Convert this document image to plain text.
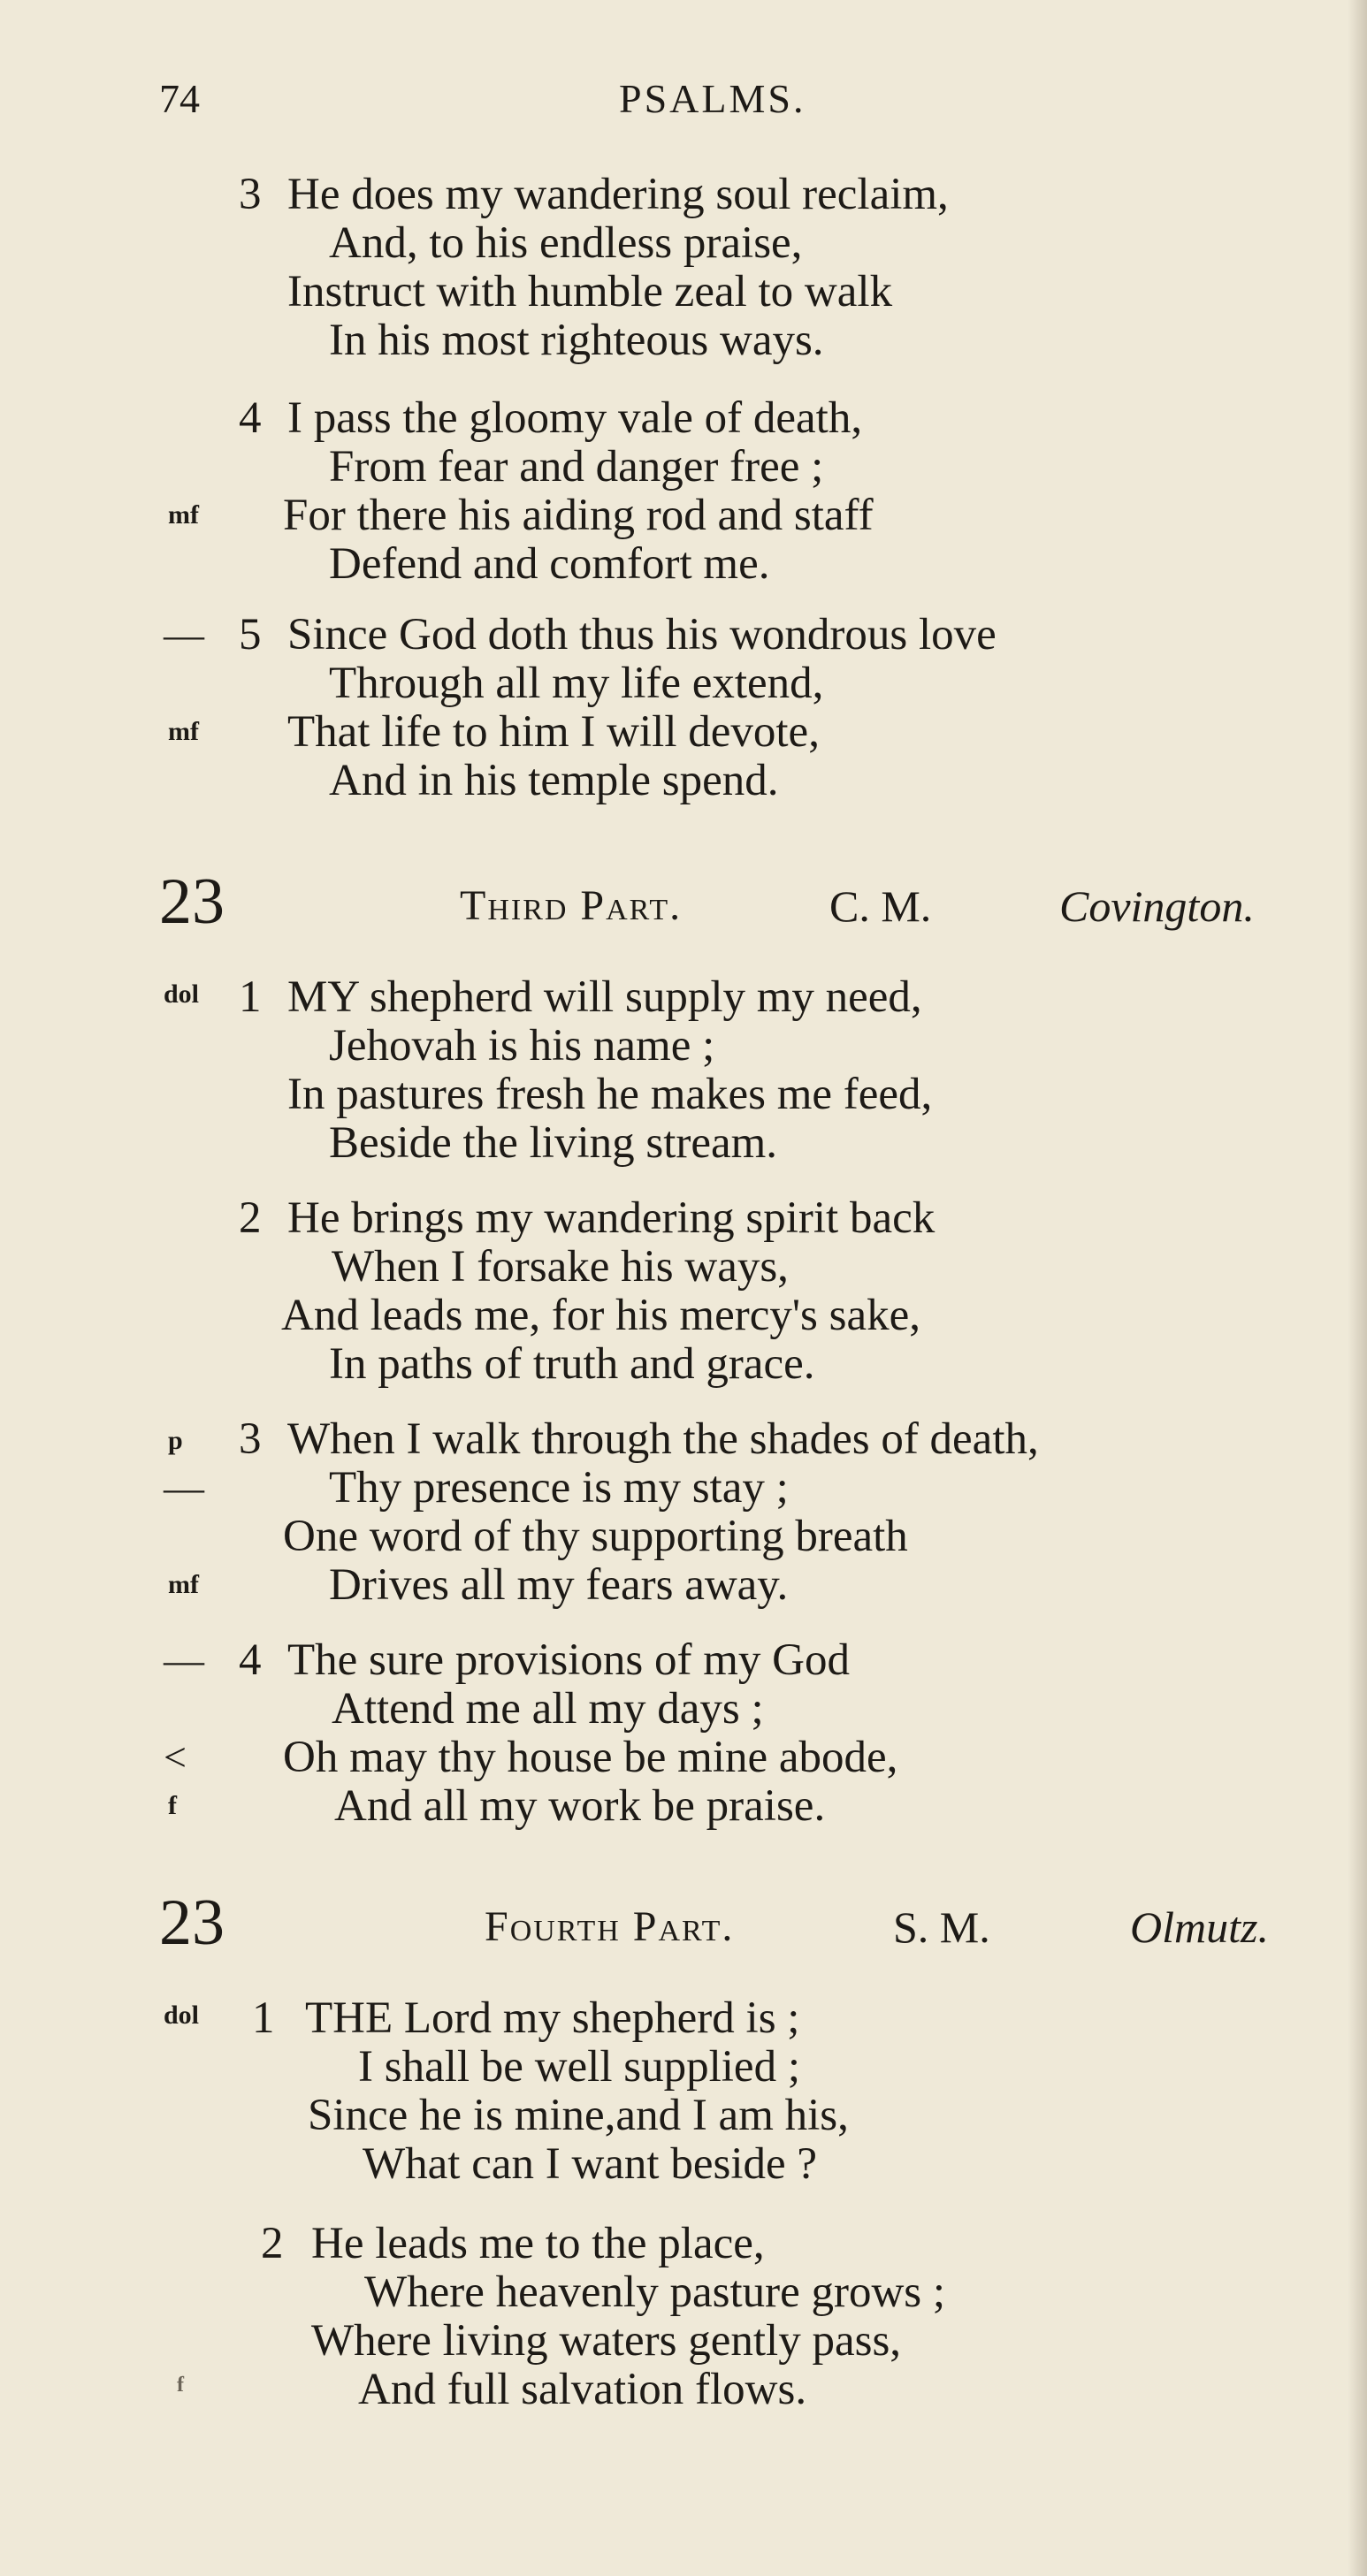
74	PSALMS.
3 He does my wandering soul reclaim,
And, to his endless praise,
Instruct with humble zeal to walk
In his most righteous ways.
4 I pass the gloomy vale of death,
From fear and danger free ;
mf For there his aiding rod and staff
Defend and comfort me.
— 5 Since God doth thus his wondrous love
Through all my life extend,
mf That life to him I will devote,
And in his temple spend.
23	Third Part.	C. M.	Covington.
dol 1 MY shepherd will supply my need,
Jehovah is his name ;
In pastures fresh he makes me feed,
Beside the living stream.
2 He brings my wandering spirit back
When I forsake his ways,
And leads me, for his mercy's sake,
In paths of truth and grace.
p 3 When I walk through the shades of death,
—	Thy presence is my stay ;
One word of thy supporting breath
mf	Drives all my fears away.
— 4 The sure provisions of my God
Attend me all my days ;
< Oh may thy house be mine abode,
f	And all my work be praise.
23	Fourth Part.	S. M.	Olmutz.
dol 1 THE Lord my shepherd is ;
I shall be well supplied ;
Since he is mine,and I am his,
What can I want beside ?
2 He leads me to the place,
Where heavenly pasture grows ;
Where living waters gently pass,
f	And full salvation flows.
